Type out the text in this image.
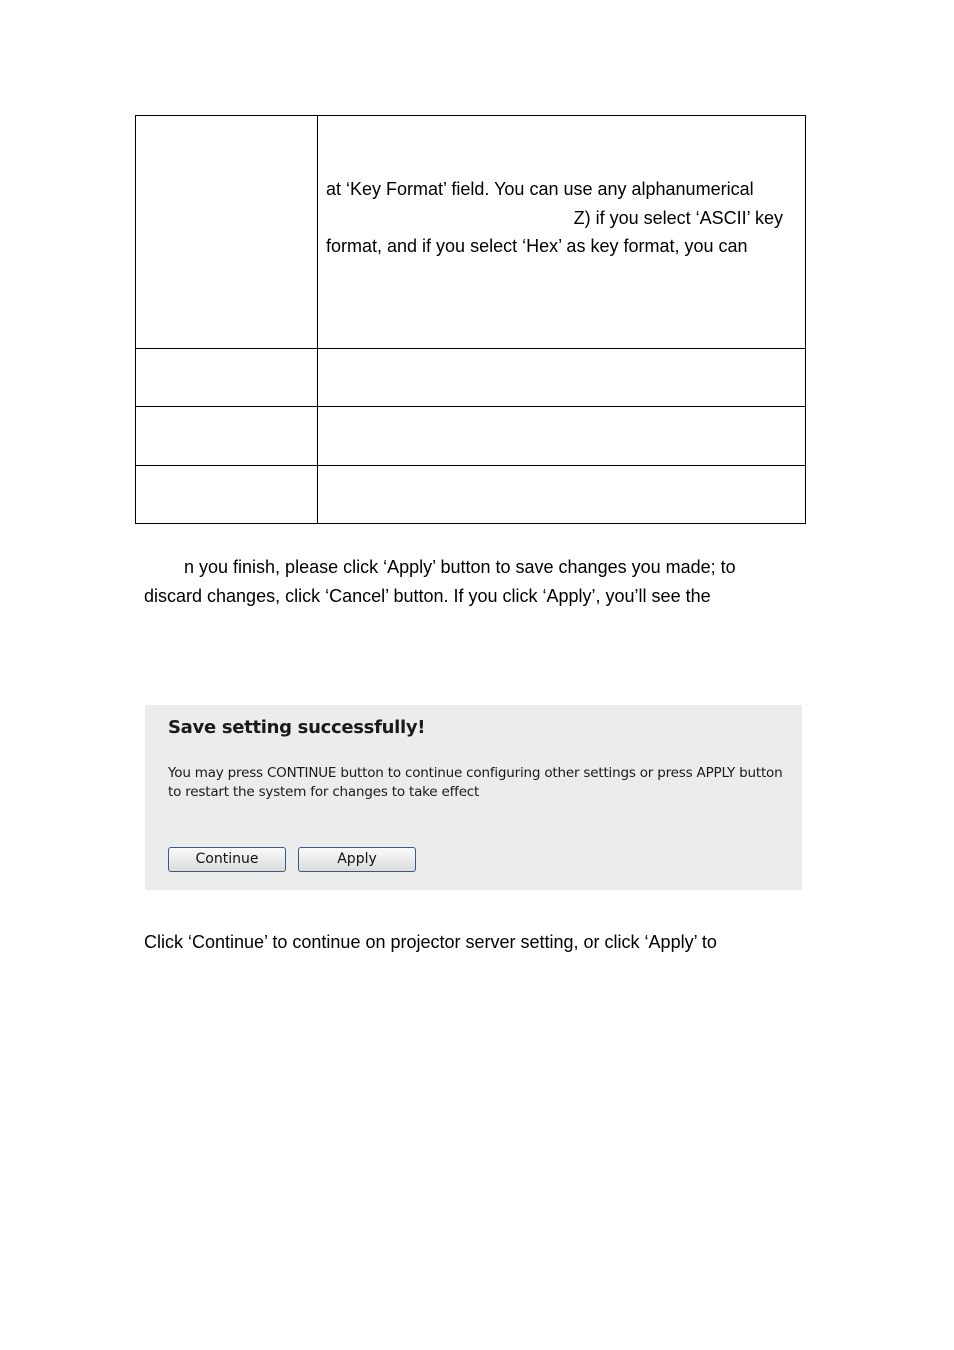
at ‘Key Format’ field. You can use any alphanumerical
Z) if you select ‘ASCII’ key
format, and if you select ‘Hex’ as key format, you can
n you finish, please click ‘Apply’ button to save changes you made; to
discard changes, click ‘Cancel’ button. If you click ‘Apply’, you’ll see the
Save setting successfully!
You may press CONTINUE button to continue configuring other settings or press APPLY button to restart the system for changes to take effect
Continue	Apply
Click ‘Continue’ to continue on projector server setting, or click ‘Apply’ to
